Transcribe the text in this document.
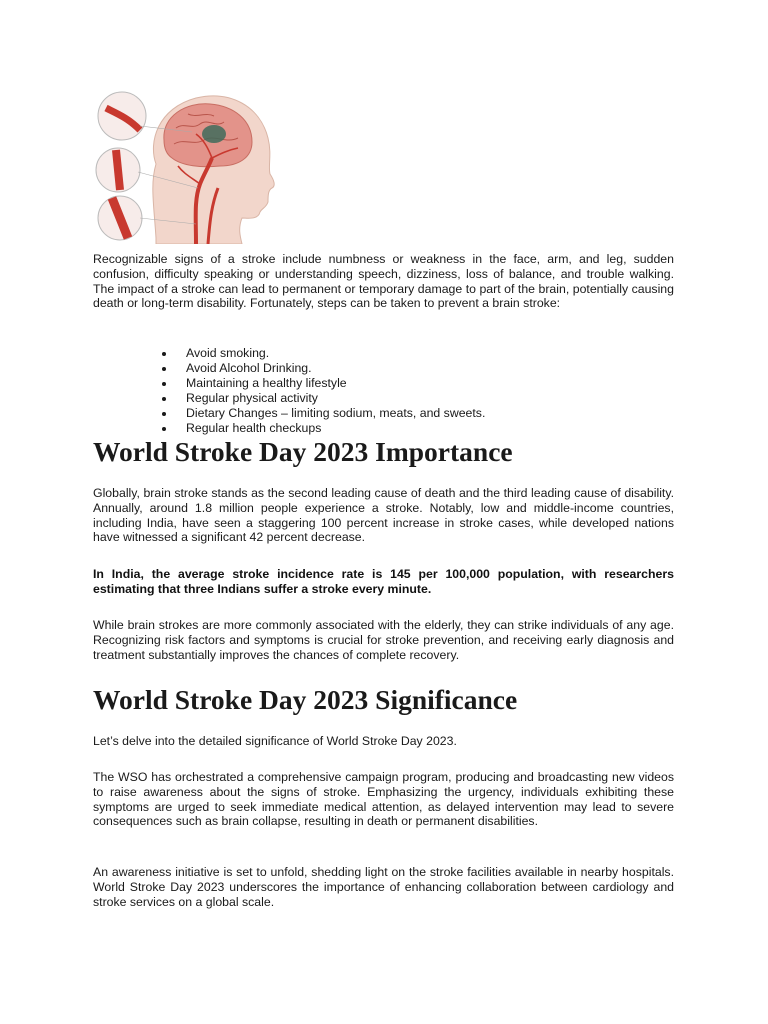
Recognizable signs of a stroke include numbness or weakness in the face, arm, and leg, sudden confusion, difficulty speaking or understanding speech, dizziness, loss of balance, and trouble walking. The impact of a stroke can lead to permanent or temporary damage to part of the brain, potentially causing death or long-term disability. Fortunately, steps can be taken to prevent a brain stroke:

Avoid smoking.
Avoid Alcohol Drinking.
Maintaining a healthy lifestyle
Regular physical activity
Dietary Changes – limiting sodium, meats, and sweets.
Regular health checkups
World Stroke Day 2023 Importance

Globally, brain stroke stands as the second leading cause of death and the third leading cause of disability. Annually, around 1.8 million people experience a stroke. Notably, low and middle-income countries, including India, have seen a staggering 100 percent increase in stroke cases, while developed nations have witnessed a significant 42 percent decrease.

In India, the average stroke incidence rate is 145 per 100,000 population, with researchers estimating that three Indians suffer a stroke every minute.

While brain strokes are more commonly associated with the elderly, they can strike individuals of any age. Recognizing risk factors and symptoms is crucial for stroke prevention, and receiving early diagnosis and treatment substantially improves the chances of complete recovery.

World Stroke Day 2023 Significance

Let’s delve into the detailed significance of World Stroke Day 2023.

The WSO has orchestrated a comprehensive campaign program, producing and broadcasting new videos to raise awareness about the signs of stroke. Emphasizing the urgency, individuals exhibiting these symptoms are urged to seek immediate medical attention, as delayed intervention may lead to severe consequences such as brain collapse, resulting in death or permanent disabilities.

An awareness initiative is set to unfold, shedding light on the stroke facilities available in nearby hospitals. World Stroke Day 2023 underscores the importance of enhancing collaboration between cardiology and stroke services on a global scale.
